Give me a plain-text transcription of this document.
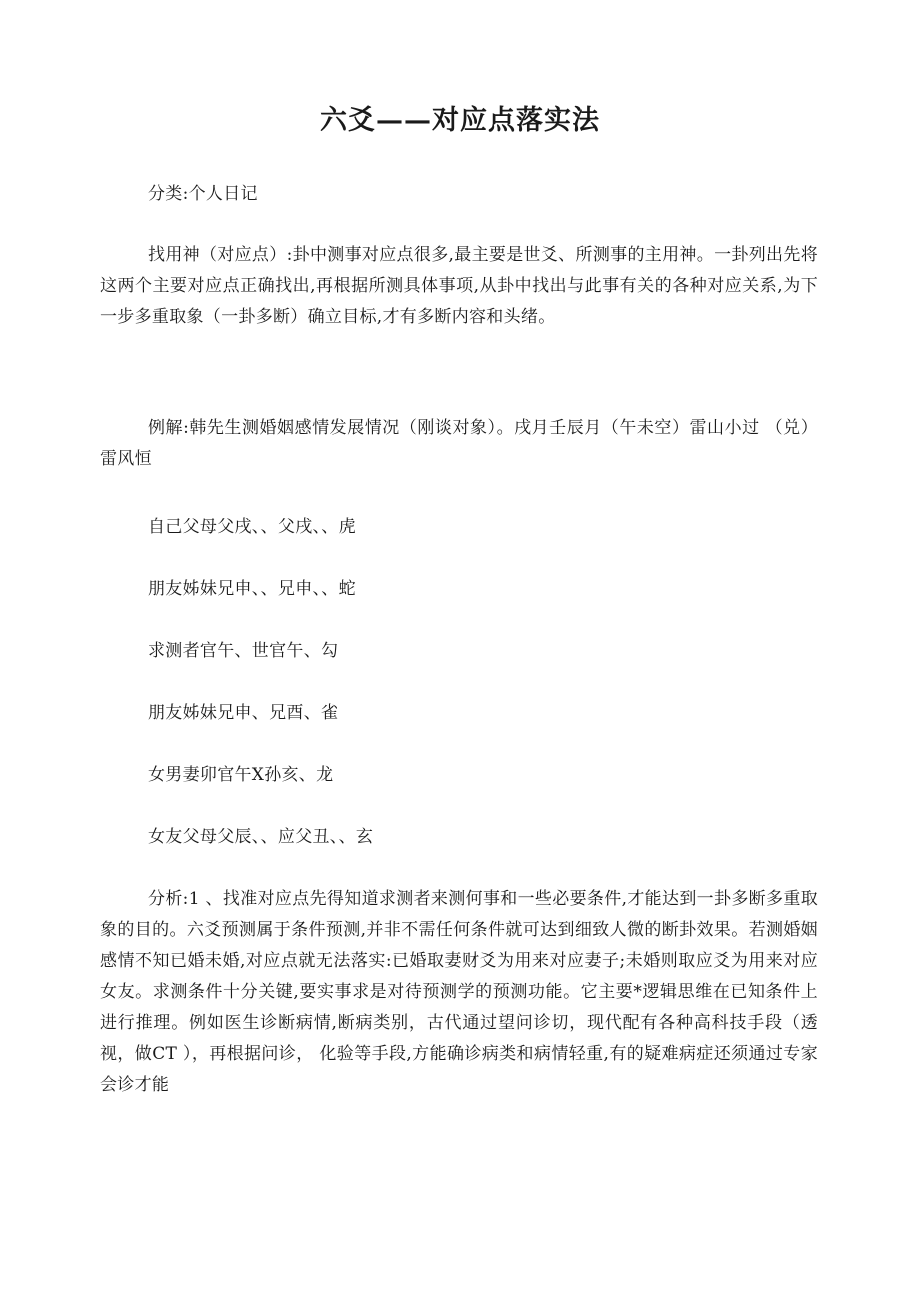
六爻——对应点落实法

分类:个人日记

找用神（对应点）:卦中测事对应点很多,最主要是世爻、所测事的主用神。一卦列出先将这两个主要对应点正确找出,再根据所测具体事项,从卦中找出与此事有关的各种对应关系,为下一步多重取象（一卦多断）确立目标,才有多断内容和头绪。

例解:韩先生测婚姻感情发展情况（刚谈对象）。戌月壬辰月（午未空）雷山小过 （兑）雷风恒

自己父母父戌、、父戌、、虎

朋友姊妹兄申、、兄申、、蛇

求测者官午、世官午、勾

朋友姊妹兄申、兄酉、雀

女男妻卯官午X孙亥、龙

女友父母父辰、、应父丑、、玄

分析:1 、找准对应点先得知道求测者来测何事和一些必要条件,才能达到一卦多断多重取象的目的。六爻预测属于条件预测,并非不需任何条件就可达到细致人微的断卦效果。若测婚姻感情不知已婚未婚,对应点就无法落实:已婚取妻财爻为用来对应妻子;未婚则取应爻为用来对应女友。求测条件十分关键,要实事求是对待预测学的预测功能。它主要*逻辑思维在已知条件上进行推理。例如医生诊断病情,断病类别，古代通过望问诊切，现代配有各种高科技手段（透视，做CT ），再根据问诊， 化验等手段,方能确诊病类和病情轻重,有的疑难病症还须通过专家会诊才能
